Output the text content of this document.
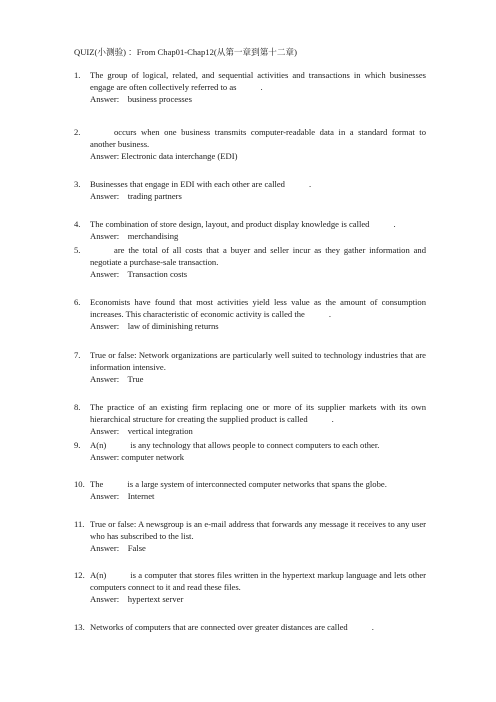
QUIZ(小测验) ：From Chap01-Chap12(从第一章到第十二章)
1. The group of logical, related, and sequential activities and transactions in which businesses engage are often collectively referred to as	.
Answer:    business processes
2.	occurs when one business transmits computer-readable data in a standard format to another business.
Answer: Electronic data interchange (EDI)
3. Businesses that engage in EDI with each other are called	.
Answer:    trading partners
4. The combination of store design, layout, and product display knowledge is called	.
Answer:    merchandising
5.	are the total of all costs that a buyer and seller incur as they gather information and negotiate a purchase-sale transaction.
Answer:    Transaction costs
6. Economists have found that most activities yield less value as the amount of consumption increases. This characteristic of economic activity is called the	.
Answer:    law of diminishing returns
7. True or false: Network organizations are particularly well suited to technology industries that are information intensive.
Answer:    True
8. The practice of an existing firm replacing one or more of its supplier markets with its own hierarchical structure for creating the supplied product is called	.
Answer:    vertical integration
9. A(n)	is any technology that allows people to connect computers to each other.
Answer: computer network
10. The	is a large system of interconnected computer networks that spans the globe.
Answer:    Internet
11. True or false: A newsgroup is an e-mail address that forwards any message it receives to any user who has subscribed to the list.
Answer:    False
12. A(n)	is a computer that stores files written in the hypertext markup language and lets other computers connect to it and read these files.
Answer:    hypertext server
13. Networks of computers that are connected over greater distances are called	.
